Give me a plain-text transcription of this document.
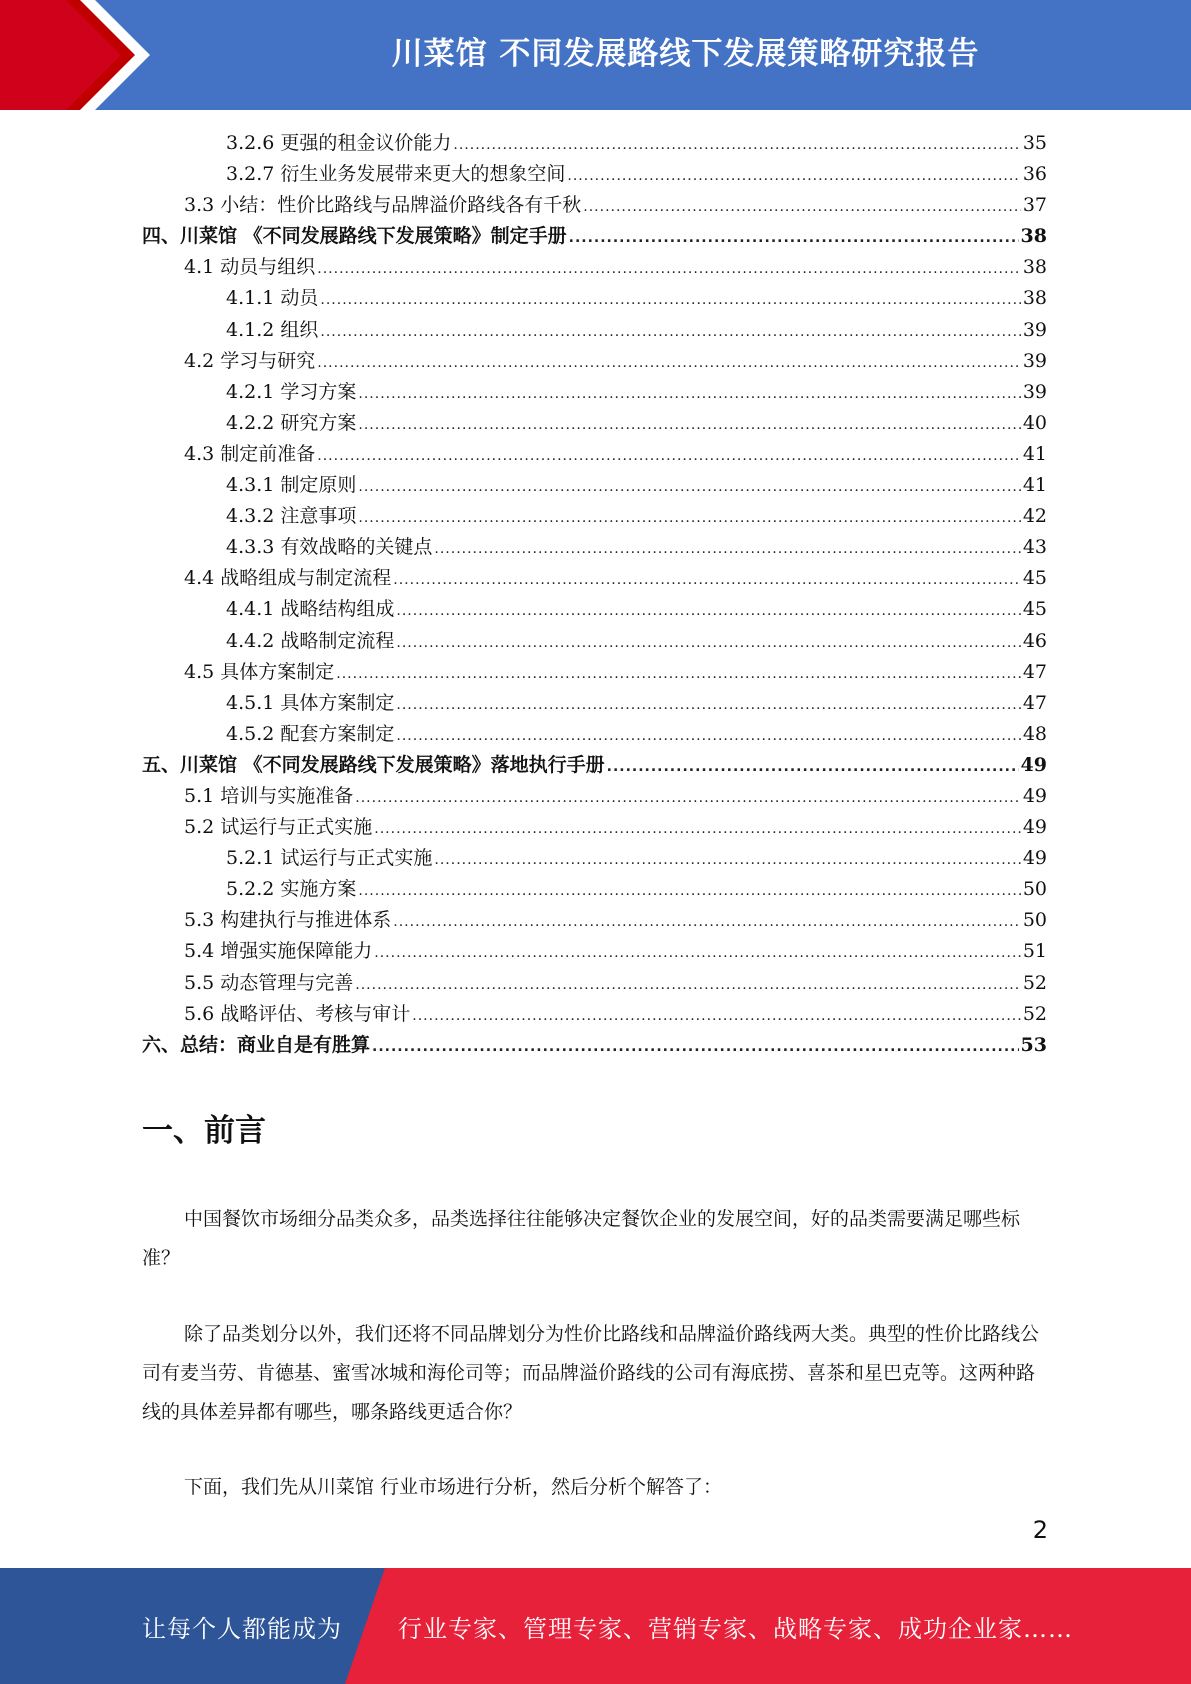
川菜馆 不同发展路线下发展策略研究报告
3.2.6 更强的租金议价能力 .....	35
3.2.7 衍生业务发展带来更大的想象空间 .....	36
3.3 小结：性价比路线与品牌溢价路线各有千秋 .....	37
四、川菜馆 《不同发展路线下发展策略》制定手册 .....	38
4.1 动员与组织 .....	38
4.1.1 动员 .....	38
4.1.2 组织 .....	39
4.2 学习与研究 .....	39
4.2.1 学习方案 .....	39
4.2.2 研究方案 .....	40
4.3 制定前准备 .....	41
4.3.1 制定原则 .....	41
4.3.2 注意事项 .....	42
4.3.3 有效战略的关键点 .....	43
4.4 战略组成与制定流程 .....	45
4.4.1 战略结构组成 .....	45
4.4.2 战略制定流程 .....	46
4.5 具体方案制定 .....	47
4.5.1 具体方案制定 .....	47
4.5.2 配套方案制定 .....	48
五、川菜馆 《不同发展路线下发展策略》落地执行手册 .....	49
5.1 培训与实施准备 .....	49
5.2 试运行与正式实施 .....	49
5.2.1 试运行与正式实施 .....	49
5.2.2 实施方案 .....	50
5.3 构建执行与推进体系 .....	50
5.4 增强实施保障能力 .....	51
5.5 动态管理与完善 .....	52
5.6 战略评估、考核与审计 .....	52
六、总结：商业自是有胜算 .....	53
一、前言
中国餐饮市场细分品类众多，品类选择往往能够决定餐饮企业的发展空间，好的品类需要满足哪些标准？
除了品类划分以外，我们还将不同品牌划分为性价比路线和品牌溢价路线两大类。典型的性价比路线公司有麦当劳、肯德基、蜜雪冰城和海伦司等；而品牌溢价路线的公司有海底捞、喜茶和星巴克等。这两种路线的具体差异都有哪些，哪条路线更适合你？
下面，我们先从川菜馆 行业市场进行分析，然后分析个解答了：
2
让每个人都能成为 行业专家、管理专家、营销专家、战略专家、成功企业家……
